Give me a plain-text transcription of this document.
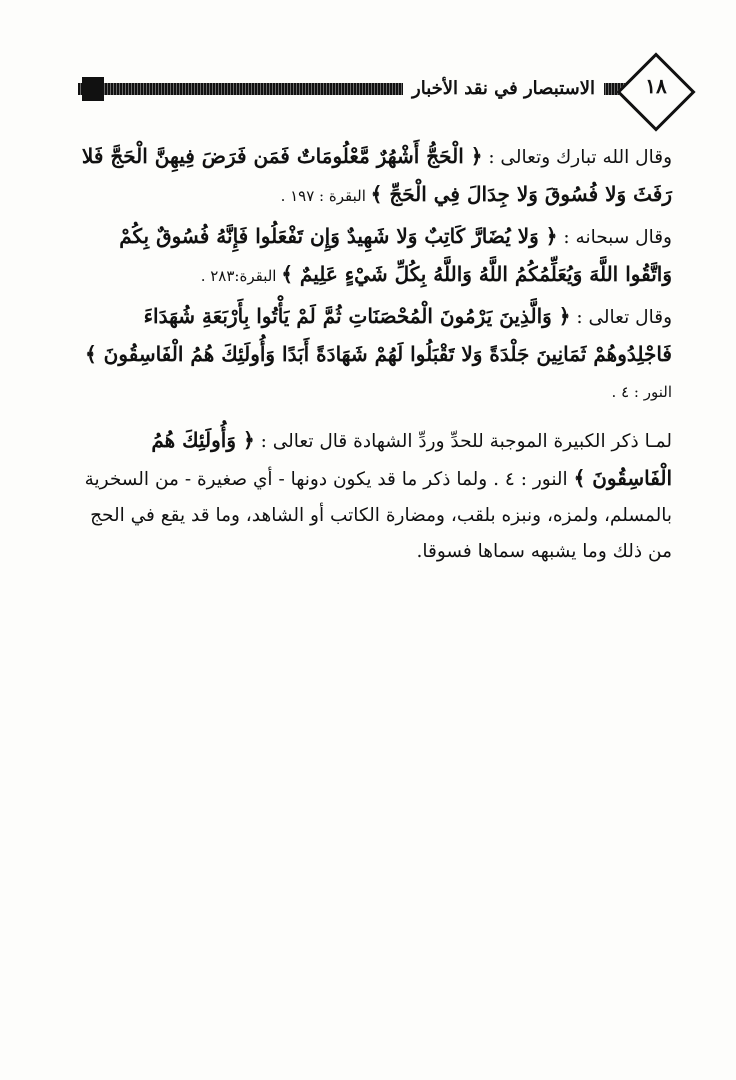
الاستبصار في نقد الأخبار	١٨

وقال الله تبارك وتعالى : ﴿ الْحَجُّ أَشْهُرٌ مَّعْلُومَاتٌ فَمَن فَرَضَ فِيهِنَّ الْحَجَّ فَلا رَفَثَ وَلا فُسُوقَ وَلا جِدَالَ فِي الْحَجِّ ﴾ البقرة : ١٩٧ .

وقال سبحانه : ﴿ وَلا يُضَارَّ كَاتِبٌ وَلا شَهِيدٌ وَإِن تَفْعَلُوا فَإِنَّهُ فُسُوقٌ بِكُمْ وَاتَّقُوا اللَّهَ وَيُعَلِّمُكُمُ اللَّهُ وَاللَّهُ بِكُلِّ شَيْءٍ عَلِيمٌ ﴾ البقرة:٢٨٣ .

وقال تعالى : ﴿ وَالَّذِينَ يَرْمُونَ الْمُحْصَنَاتِ ثُمَّ لَمْ يَأْتُوا بِأَرْبَعَةِ شُهَدَاءَ فَاجْلِدُوهُمْ ثَمَانِينَ جَلْدَةً وَلا تَقْبَلُوا لَهُمْ شَهَادَةً أَبَدًا وَأُولَئِكَ هُمُ الْفَاسِقُونَ ﴾
النور : ٤ .

لمـا ذكر الكبيرة الموجبة للحدِّ وردِّ الشهادة قال تعالى : ﴿ وَأُولَئِكَ هُمُ الْفَاسِقُونَ ﴾ النور : ٤ . ولما ذكر ما قد يكون دونها - أي صغيرة - من السخرية بالمسلم، ولمزه، ونبزه بلقب، ومضارة الكاتب أو الشاهد، وما قد يقع في الحج من ذلك وما يشبهه سماها فسوقا.
